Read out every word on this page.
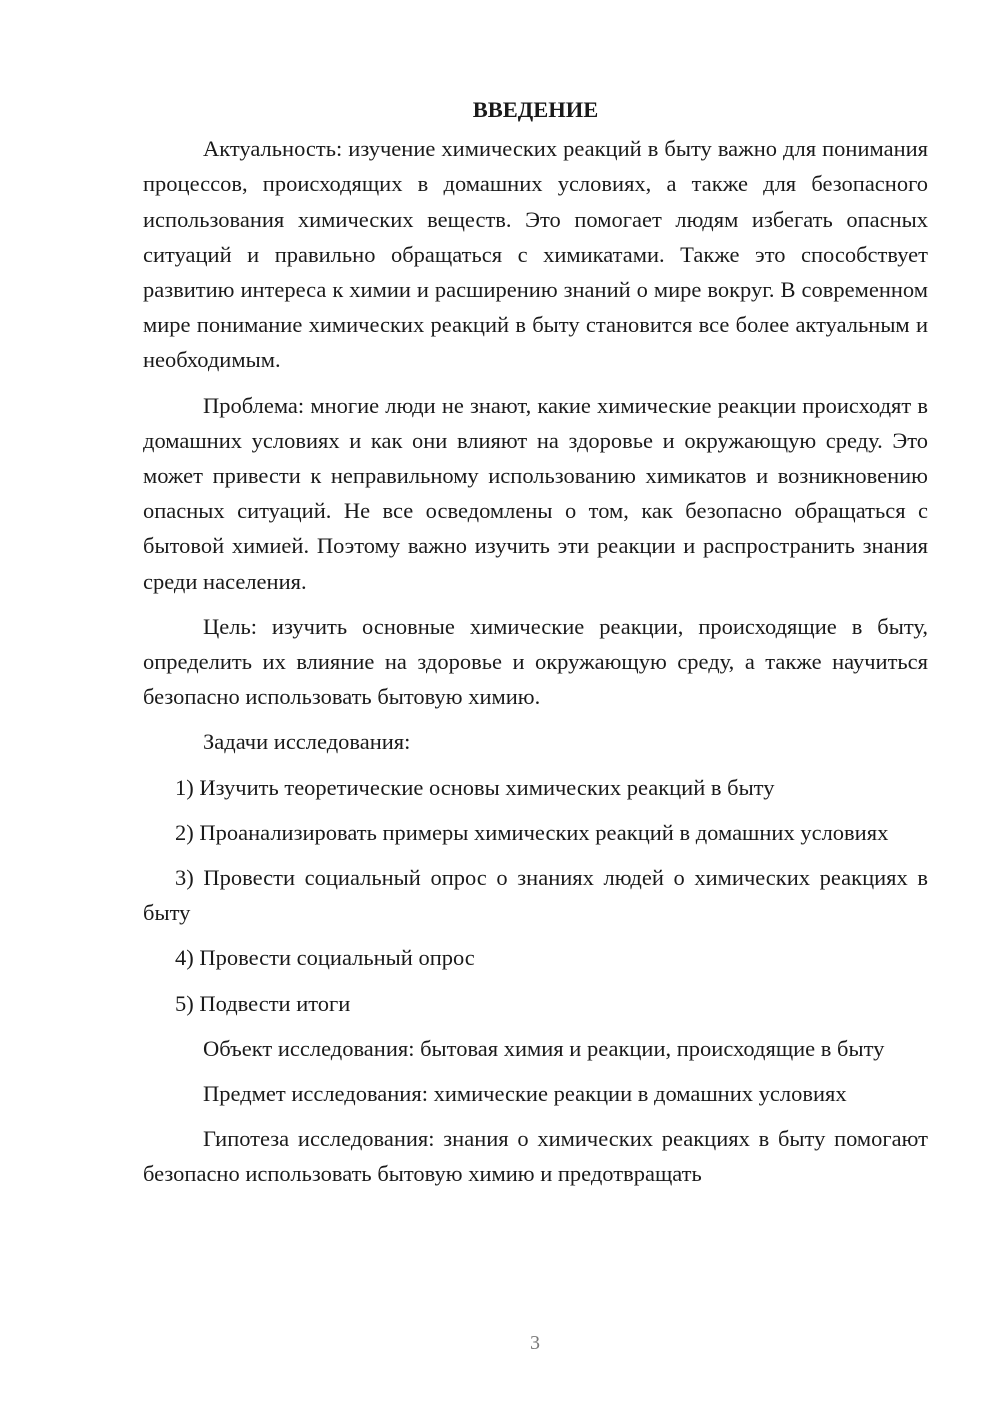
ВВЕДЕНИЕ

Актуальность: изучение химических реакций в быту важно для понимания процессов, происходящих в домашних условиях, а также для безопасного использования химических веществ. Это помогает людям избегать опасных ситуаций и правильно обращаться с химикатами. Также это способствует развитию интереса к химии и расширению знаний о мире вокруг. В современном мире понимание химических реакций в быту становится все более актуальным и необходимым.

Проблема: многие люди не знают, какие химические реакции происходят в домашних условиях и как они влияют на здоровье и окружающую среду. Это может привести к неправильному использованию химикатов и возникновению опасных ситуаций. Не все осведомлены о том, как безопасно обращаться с бытовой химией. Поэтому важно изучить эти реакции и распространить знания среди населения.

Цель: изучить основные химические реакции, происходящие в быту, определить их влияние на здоровье и окружающую среду, а также научиться безопасно использовать бытовую химию.

Задачи исследования:

1) Изучить теоретические основы химических реакций в быту

2) Проанализировать примеры химических реакций в домашних условиях

3) Провести социальный опрос о знаниях людей о химических реакциях в быту

4) Провести социальный опрос

5) Подвести итоги

Объект исследования: бытовая химия и реакции, происходящие в быту

Предмет исследования: химические реакции в домашних условиях

Гипотеза исследования: знания о химических реакциях в быту помогают безопасно использовать бытовую химию и предотвращать

3
